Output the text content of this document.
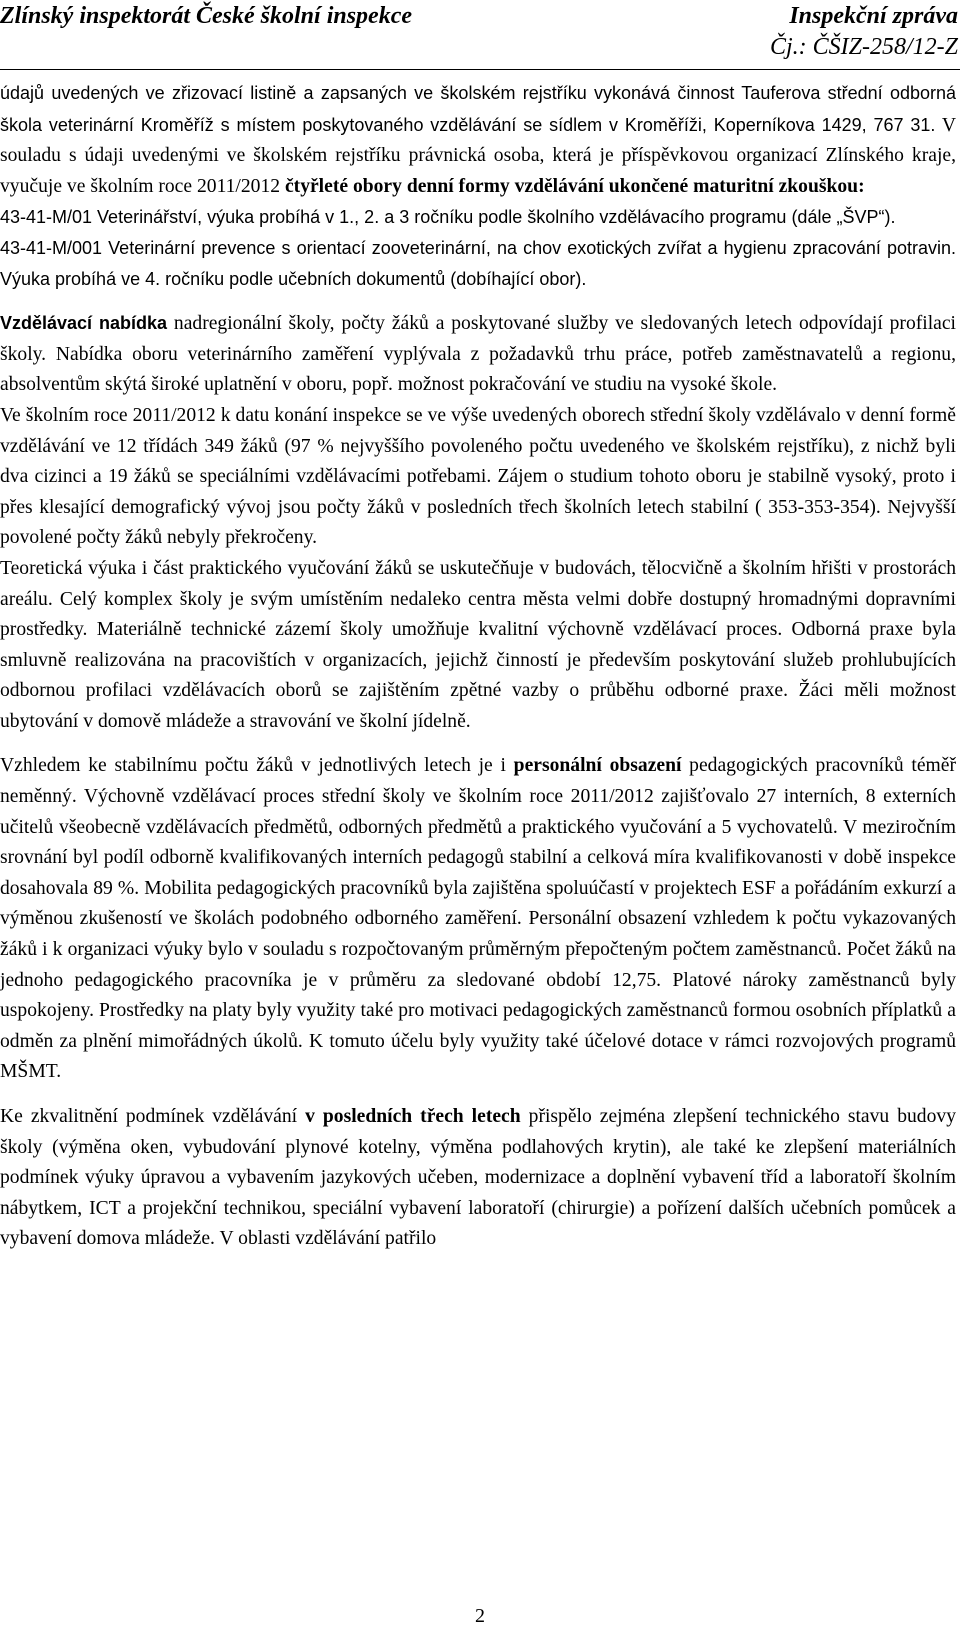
Zlínský inspektorát České školní inspekce	Inspekční zpráva
Čj.: ČŠIZ-258/12-Z

údajů uvedených ve zřizovací listině a zapsaných ve školském rejstříku vykonává činnost Tauferova střední odborná škola veterinární Kroměříž s místem poskytovaného vzdělávání se sídlem v Kroměříži, Koperníkova 1429, 767 31. V souladu s údaji uvedenými ve školském rejstříku právnická osoba, která je příspěvkovou organizací Zlínského kraje, vyučuje ve školním roce 2011/2012 čtyřleté obory denní formy vzdělávání ukončené maturitní zkouškou:

43-41-M/01 Veterinářství, výuka probíhá v 1., 2. a 3 ročníku podle školního vzdělávacího programu (dále „ŠVP“).

43-41-M/001 Veterinární prevence s orientací zooveterinární, na chov exotických zvířat a hygienu zpracování potravin. Výuka probíhá ve 4. ročníku podle učebních dokumentů (dobíhající obor).

Vzdělávací nabídka nadregionální školy, počty žáků a poskytované služby ve sledovaných letech odpovídají profilaci školy. Nabídka oboru veterinárního zaměření vyplývala z požadavků trhu práce, potřeb zaměstnavatelů a regionu, absolventům skýtá široké uplatnění v oboru, popř. možnost pokračování ve studiu na vysoké škole.

Ve školním roce 2011/2012 k datu konání inspekce se ve výše uvedených oborech střední školy vzdělávalo v denní formě vzdělávání ve 12 třídách 349 žáků (97 % nejvyššího povoleného počtu uvedeného ve školském rejstříku), z nichž byli dva cizinci a 19 žáků se speciálními vzdělávacími potřebami. Zájem o studium tohoto oboru je stabilně vysoký, proto i přes klesající demografický vývoj jsou počty žáků v posledních třech školních letech stabilní ( 353-353-354). Nejvyšší povolené počty žáků nebyly překročeny.

Teoretická výuka i část praktického vyučování žáků se uskutečňuje v budovách, tělocvičně a školním hřišti v prostorách areálu. Celý komplex školy je svým umístěním nedaleko centra města velmi dobře dostupný hromadnými dopravními prostředky. Materiálně technické zázemí školy umožňuje kvalitní výchovně vzdělávací proces. Odborná praxe byla smluvně realizována na pracovištích v organizacích, jejichž činností je především poskytování služeb prohlubujících odbornou profilaci vzdělávacích oborů se zajištěním zpětné vazby o průběhu odborné praxe. Žáci měli možnost ubytování v domově mládeže a stravování ve školní jídelně.

Vzhledem ke stabilnímu počtu žáků v jednotlivých letech je i personální obsazení pedagogických pracovníků téměř neměnný. Výchovně vzdělávací proces střední školy ve školním roce 2011/2012 zajišťovalo 27 interních, 8 externích učitelů všeobecně vzdělávacích předmětů, odborných předmětů a praktického vyučování a 5 vychovatelů. V meziročním srovnání byl podíl odborně kvalifikovaných interních pedagogů stabilní a celková míra kvalifikovanosti v době inspekce dosahovala 89 %. Mobilita pedagogických pracovníků byla zajištěna spoluúčastí v projektech ESF a pořádáním exkurzí a výměnou zkušeností ve školách podobného odborného zaměření. Personální obsazení vzhledem k počtu vykazovaných žáků i k organizaci výuky bylo v souladu s rozpočtovaným průměrným přepočteným počtem zaměstnanců. Počet žáků na jednoho pedagogického pracovníka je v průměru za sledované období 12,75. Platové nároky zaměstnanců byly uspokojeny. Prostředky na platy byly využity také pro motivaci pedagogických zaměstnanců formou osobních příplatků a odměn za plnění mimořádných úkolů. K tomuto účelu byly využity také účelové dotace v rámci rozvojových programů MŠMT.

Ke zkvalitnění podmínek vzdělávání v posledních třech letech přispělo zejména zlepšení technického stavu budovy školy (výměna oken, vybudování plynové kotelny, výměna podlahových krytin), ale také ke zlepšení materiálních podmínek výuky úpravou a vybavením jazykových učeben, modernizace a doplnění vybavení tříd a laboratoří školním nábytkem, ICT a projekční technikou, speciální vybavení laboratoří (chirurgie) a pořízení dalších učebních pomůcek a vybavení domova mládeže. V oblasti vzdělávání patřilo

2
